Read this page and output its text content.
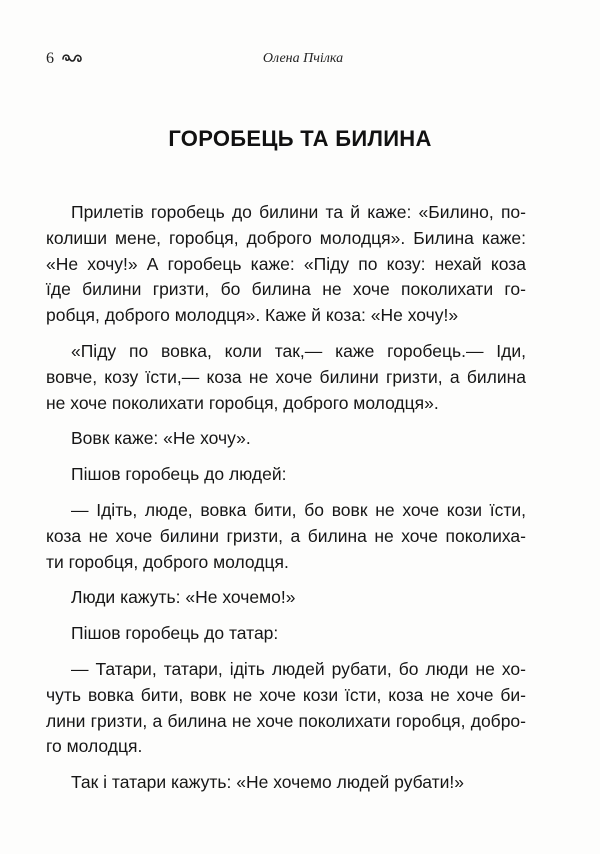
6	Олена Пчілка
ГОРОБЕЦЬ ТА БИЛИНА
Прилетів горобець до билини та й каже: «Билино, по-
колиши мене, горобця, доброго молодця». Билина каже:
«Не хочу!» А горобець каже: «Піду по козу: нехай коза
їде билини гризти, бо билина не хоче поколихати го-
робця, доброго молодця». Каже й коза: «Не хочу!»
«Піду по вовка, коли так,— каже горобець.— Іди,
вовче, козу їсти,— коза не хоче билини гризти, а билина
не хоче поколихати горобця, доброго молодця».
Вовк каже: «Не хочу».
Пішов горобець до людей:
— Ідіть, люде, вовка бити, бо вовк не хоче кози їсти,
коза не хоче билини гризти, а билина не хоче поколиха-
ти горобця, доброго молодця.
Люди кажуть: «Не хочемо!»
Пішов горобець до татар:
— Татари, татари, ідіть людей рубати, бо люди не хо-
чуть вовка бити, вовк не хоче кози їсти, коза не хоче би-
лини гризти, а билина не хоче поколихати горобця, добро-
го молодця.
Так і татари кажуть: «Не хочемо людей рубати!»
